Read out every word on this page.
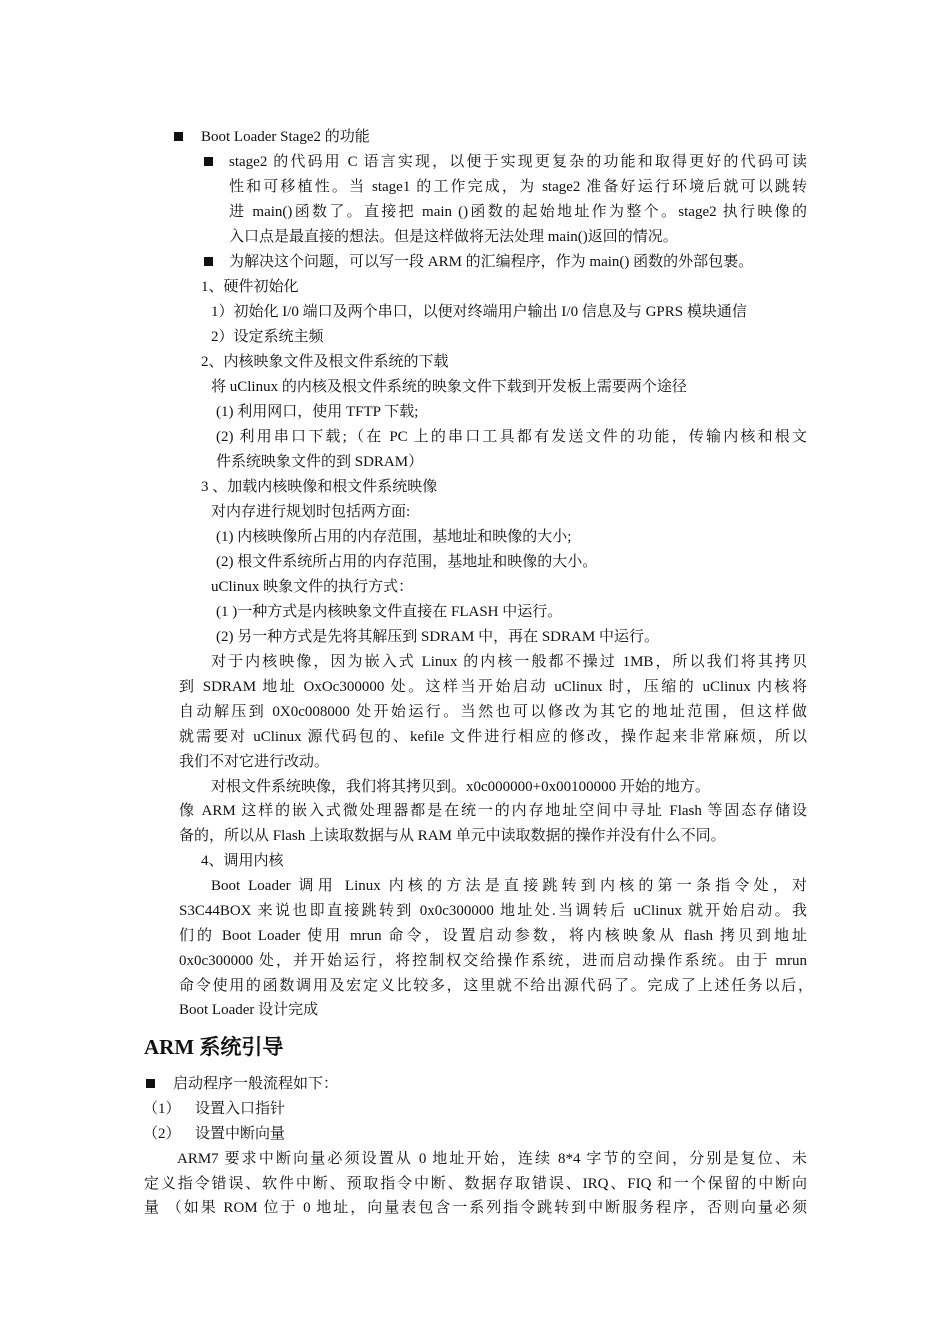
Boot Loader Stage2 的功能
stage2 的代码用 C 语言实现，以便于实现更复杂的功能和取得更好的代码可读
性和可移植性。当 stage1 的工作完成，为 stage2 准备好运行环境后就可以跳转
进 main()函数了。直接把 main ()函数的起始地址作为整个。stage2 执行映像的
入口点是最直接的想法。但是这样做将无法处理 main()返回的情况。
为解决这个问题，可以写一段 ARM 的汇编程序，作为 main() 函数的外部包裹。
1、硬件初始化
1）初始化 I/0 端口及两个串口，以便对终端用户输出 I/0 信息及与 GPRS 模块通信
2）设定系统主频
2、内核映象文件及根文件系统的下载
将 uClinux 的内核及根文件系统的映象文件下载到开发板上需要两个途径
(1) 利用网口，使用 TFTP 下载;
(2) 利用串口下载;（在 PC 上的串口工具都有发送文件的功能，传输内核和根文
件系统映象文件的到 SDRAM）
3 、加载内核映像和根文件系统映像
对内存进行规划时包括两方面:
(1) 内核映像所占用的内存范围，基地址和映像的大小;
(2) 根文件系统所占用的内存范围，基地址和映像的大小。
uClinux 映象文件的执行方式：
(1 )一种方式是内核映象文件直接在 FLASH 中运行。
(2) 另一种方式是先将其解压到 SDRAM 中，再在 SDRAM 中运行。
对于内核映像，因为嵌入式 Linux 的内核一般都不操过 1MB，所以我们将其拷贝
到 SDRAM 地址 OxOc300000 处。这样当开始启动 uClinux 时，压缩的 uClinux 内核将
自动解压到 0X0c008000 处开始运行。当然也可以修改为其它的地址范围，但这样做
就需要对 uClinux 源代码包的、kefile 文件进行相应的修改，操作起来非常麻烦，所以
我们不对它进行改动。
对根文件系统映像，我们将其拷贝到。x0c000000+0x00100000 开始的地方。
像 ARM 这样的嵌入式微处理器都是在统一的内存地址空间中寻址 Flash 等固态存储设
备的，所以从 Flash 上读取数据与从 RAM 单元中读取数据的操作并没有什么不同。
4、调用内核
Boot Loader 调用 Linux 内核的方法是直接跳转到内核的第一条指令处，对
S3C44BOX 来说也即直接跳转到 0x0c300000 地址处.当调转后 uClinux 就开始启动。我
们的 Boot Loader 使用 mrun 命令，设置启动参数，将内核映象从 flash 拷贝到地址
0x0c300000 处，并开始运行，将控制权交给操作系统，进而启动操作系统。由于 mrun
命令使用的函数调用及宏定义比较多，这里就不给出源代码了。完成了上述任务以后，
Boot Loader 设计完成
ARM 系统引导
启动程序一般流程如下：
（1） 设置入口指针
（2） 设置中断向量
ARM7 要求中断向量必须设置从 0 地址开始，连续 8*4 字节的空间，分别是复位、未
定义指令错误、软件中断、预取指令中断、数据存取错误、IRQ、FIQ 和一个保留的中断向
量 （如果 ROM 位于 0 地址，向量表包含一系列指令跳转到中断服务程序，否则向量必须
